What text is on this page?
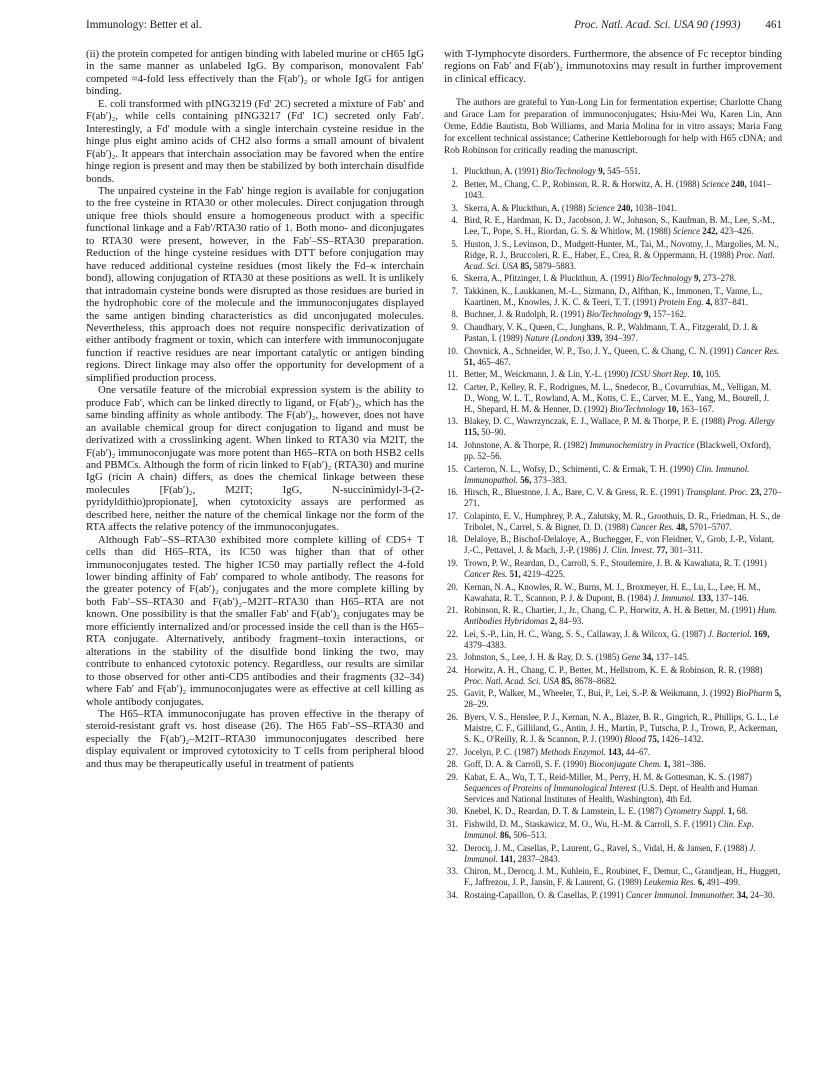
Immunology: Better et al.	Proc. Natl. Acad. Sci. USA 90 (1993) 461

(ii) the protein competed for antigen binding with labeled murine or cH65 IgG in the same manner as unlabeled IgG. By comparison, monovalent Fab′ competed ≈4-fold less effectively than the F(ab′)₂ or whole IgG for antigen binding.

E. coli transformed with pING3219 (Fd′ 2C) secreted a mixture of Fab′ and F(ab′)₂, while cells containing pING3217 (Fd′ 1C) secreted only Fab′. Interestingly, a Fd′ module with a single interchain cysteine residue in the hinge plus eight amino acids of CH2 also forms a small amount of bivalent F(ab′)₂. It appears that interchain association may be favored when the entire hinge region is present and may then be stabilized by both interchain disulfide bonds.

The unpaired cysteine in the Fab′ hinge region is available for conjugation to the free cysteine in RTA30 or other molecules. Direct conjugation through unique free thiols should ensure a homogeneous product with a specific functional linkage and a Fab′/RTA30 ratio of 1. Both mono- and diconjugates to RTA30 were present, however, in the Fab′–SS–RTA30 preparation. Reduction of the hinge cysteine residues with DTT before conjugation may have reduced additional cysteine residues (most likely the Fd–κ interchain bond), allowing conjugation of RTA30 at these positions as well. It is unlikely that intradomain cysteine bonds were disrupted as those residues are buried in the hydrophobic core of the molecule and the immunoconjugates displayed the same antigen binding characteristics as did unconjugated molecules. Nevertheless, this approach does not require nonspecific derivatization of either antibody fragment or toxin, which can interfere with immunoconjugate function if reactive residues are near important catalytic or antigen binding regions. Direct linkage may also offer the opportunity for development of a simplified production process.

One versatile feature of the microbial expression system is the ability to produce Fab′, which can be linked directly to ligand, or F(ab′)₂, which has the same binding affinity as whole antibody. The F(ab′)₂, however, does not have an available chemical group for direct conjugation to ligand and must be derivatized with a crosslinking agent. When linked to RTA30 via M2IT, the F(ab′)₂ immunoconjugate was more potent than H65–RTA on both HSB2 cells and PBMCs. Although the form of ricin linked to F(ab′)₂ (RTA30) and murine IgG (ricin A chain) differs, as does the chemical linkage between these molecules [F(ab′)₂, M2IT; IgG, N-succinimidyl-3-(2-pyridyldithio)propionate], when cytotoxicity assays are performed as described here, neither the nature of the chemical linkage nor the form of the RTA affects the relative potency of the immunoconjugates.

Although Fab′–SS–RTA30 exhibited more complete killing of CD5+ T cells than did H65–RTA, its IC50 was higher than that of other immunoconjugates tested. The higher IC50 may partially reflect the 4-fold lower binding affinity of Fab′ compared to whole antibody. The reasons for the greater potency of F(ab′)₂ conjugates and the more complete killing by both Fab′–SS–RTA30 and F(ab′)₂–M2IT–RTA30 than H65–RTA are not known. One possibility is that the smaller Fab′ and F(ab′)₂ conjugates may be more efficiently internalized and/or processed inside the cell than is the H65–RTA conjugate. Alternatively, antibody fragment–toxin interactions, or alterations in the stability of the disulfide bond linking the two, may contribute to enhanced cytotoxic potency. Regardless, our results are similar to those observed for other anti-CD5 antibodies and their fragments (32–34) where Fab′ and F(ab′)₂ immunoconjugates were as effective at cell killing as whole antibody conjugates.

The H65–RTA immunoconjugate has proven effective in the therapy of steroid-resistant graft vs. host disease (26). The H65 Fab′–SS–RTA30 and especially the F(ab′)₂–M2IT–RTA30 immunoconjugates described here display equivalent or improved cytotoxicity to T cells from peripheral blood and thus may be therapeutically useful in treatment of patients

with T-lymphocyte disorders. Furthermore, the absence of Fc receptor binding regions on Fab′ and F(ab′)₂ immunotoxins may result in further improvement in clinical efficacy.

The authors are grateful to Yun-Long Lin for fermentation expertise; Charlotte Chang and Grace Lam for preparation of immunoconjugates; Hsiu-Mei Wu, Karen Lin, Ann Orme, Eddie Bautista, Bob Williams, and Maria Molina for in vitro assays; Maria Fang for excellent technical assistance; Catherine Kettleborough for help with H65 cDNA; and Rob Robinson for critically reading the manuscript.

1. Pluckthun, A. (1991) Bio/Technology 9, 545–551.
2. Better, M., Chang, C. P., Robinson, R. R. & Horwitz, A. H. (1988) Science 240, 1041–1043.
3. Skerra, A. & Pluckthun, A. (1988) Science 240, 1038–1041.
4. Bird, R. E., Hardman, K. D., Jacobson, J. W., Johnson, S., Kaufman, B. M., Lee, S.-M., Lee, T., Pope, S. H., Riordan, G. S. & Whitlow, M. (1988) Science 242, 423–426.
5. Huston, J. S., Levinson, D., Mudgett-Hunter, M., Tai, M., Novotny, J., Margolies, M. N., Ridge, R. J., Bruccoleri, R. E., Haber, E., Crea, R. & Oppermann, H. (1988) Proc. Natl. Acad. Sci. USA 85, 5879–5883.
6. Skerra, A., Pfitzinger, I. & Pluckthun, A. (1991) Bio/Technology 9, 273–278.
7. Takkinen, K., Laukkanen, M.-L., Sizmann, D., Alfthan, K., Immonen, T., Vanne, L., Kaartinen, M., Knowles, J. K. C. & Teeri, T. T. (1991) Protein Eng. 4, 837–841.
8. Buchner, J. & Rudolph, R. (1991) Bio/Technology 9, 157–162.
9. Chaudhary, V. K., Queen, C., Junghans, R. P., Waldmann, T. A., Fitzgerald, D. J. & Pastan, I. (1989) Nature (London) 339, 394–397.
10. Chovnick, A., Schneider, W. P., Tso, J. Y., Queen, C. & Chang, C. N. (1991) Cancer Res. 51, 465–467.
11. Better, M., Weickmann, J. & Lin, Y.-L. (1990) ICSU Short Rep. 10, 105.
12. Carter, P., Kelley, R. F., Rodrigues, M. L., Snedecor, B., Covarrubias, M., Velligan, M. D., Wong, W. L. T., Rowland, A. M., Kotts, C. E., Carver, M. E., Yang, M., Bourell, J. H., Shepard, H. M. & Henner, D. (1992) Bio/Technology 10, 163–167.
13. Blakey, D. C., Wawrzynczak, E. J., Wallace, P. M. & Thorpe, P. E. (1988) Prog. Allergy 115, 50–90.
14. Johnstone, A. & Thorpe, R. (1982) Immunochemistry in Practice (Blackwell, Oxford), pp. 52–56.
15. Carteron, N. L., Wofsy, D., Schimenti, C. & Ermak, T. H. (1990) Clin. Immunol. Immunopathol. 56, 373–383.
16. Hirsch, R., Bluestone, J. A., Bare, C. V. & Gress, R. E. (1991) Transplant. Proc. 23, 270–271.
17. Colapinto, E. V., Humphrey, P. A., Zalutsky, M. R., Groothuis, D. R., Friedman, H. S., de Tribolet, N., Carrel, S. & Bigner, D. D. (1988) Cancer Res. 48, 5701–5707.
18. Delaloye, B., Bischof-Delaloye, A., Buchegger, F., von Fleidner, V., Grob, J.-P., Volant, J.-C., Pettavel, J. & Mach, J.-P. (1986) J. Clin. Invest. 77, 301–311.
19. Trown, P. W., Reardan, D., Carroll, S. F., Stoudemire, J. B. & Kawahata, R. T. (1991) Cancer Res. 51, 4219–4225.
20. Kernan, N. A., Knowles, R. W., Burns, M. J., Broxmeyer, H. E., Lu, L., Lee, H. M., Kawahata, R. T., Scannon, P. J. & Dupont, B. (1984) J. Immunol. 133, 137–146.
21. Robinson, R. R., Chartier, J., Jr., Chang, C. P., Horwitz, A. H. & Better, M. (1991) Hum. Antibodies Hybridomas 2, 84–93.
22. Lei, S.-P., Lin, H. C., Wang, S. S., Callaway, J. & Wilcox, G. (1987) J. Bacteriol. 169, 4379–4383.
23. Johnston, S., Lee, J. H. & Ray, D. S. (1985) Gene 34, 137–145.
24. Horwitz, A. H., Chang, C. P., Better, M., Hellstrom, K. E. & Robinson, R. R. (1988) Proc. Natl. Acad. Sci. USA 85, 8678–8682.
25. Gavit, P., Walker, M., Wheeler, T., Bui, P., Lei, S.-P. & Weikmann, J. (1992) BioPharm 5, 28–29.
26. Byers, V. S., Henslee, P. J., Kernan, N. A., Blazer, B. R., Gingrich, R., Phillips, G. L., Le Maistre, C. F., Gilliland, G., Antin, J. H., Martin, P., Tutscha, P. J., Trown, P., Ackerman, S. K., O'Reilly, R. J. & Scannon, P. J. (1990) Blood 75, 1426–1432.
27. Jocelyn, P. C. (1987) Methods Enzymol. 143, 44–67.
28. Goff, D. A. & Carroll, S. F. (1990) Bioconjugate Chem. 1, 381–386.
29. Kabat, E. A., Wu, T. T., Reid-Miller, M., Perry, H. M. & Gottesman, K. S. (1987) Sequences of Proteins of Immunological Interest (U.S. Dept. of Health and Human Services and National Institutes of Health, Washington), 4th Ed.
30. Knebel, K. D., Reardan, D. T. & Lamstein, L. E. (1987) Cytometry Suppl. 1, 68.
31. Fishwild, D. M., Staskawicz, M. O., Wu, H.-M. & Carroll, S. F. (1991) Clin. Exp. Immunol. 86, 506–513.
32. Derocq, J. M., Casellas, P., Laurent, G., Ravel, S., Vidal, H. & Jansen, F. (1988) J. Immunol. 141, 2837–2843.
33. Chiron, M., Derocq, J. M., Kuhlein, E., Roubinet, F., Demur, C., Grandjean, H., Huggett, F., Jaffrezou, J. P., Jansin, F. & Laurent, G. (1989) Leukemia Res. 6, 491–499.
34. Rostaing-Capaillon, O. & Casellas, P. (1991) Cancer Immunol. Immunother. 34, 24–30.
